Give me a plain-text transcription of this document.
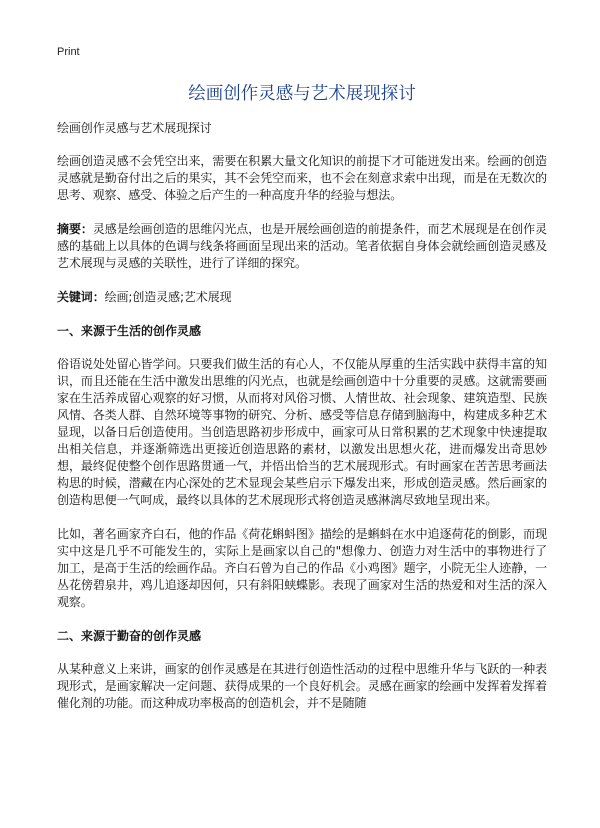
Print
绘画创作灵感与艺术展现探讨

绘画创作灵感与艺术展现探讨

绘画创造灵感不会凭空出来，需要在积累大量文化知识的前提下才可能迸发出来。绘画的创造灵感就是勤奋付出之后的果实，其不会凭空而来，也不会在刻意求索中出现，而是在无数次的思考、观察、感受、体验之后产生的一种高度升华的经验与想法。

摘要：灵感是绘画创造的思维闪光点，也是开展绘画创造的前提条件，而艺术展现是在创作灵感的基础上以具体的色调与线条将画面呈现出来的活动。笔者依据自身体会就绘画创造灵感及艺术展现与灵感的关联性，进行了详细的探究。

关键词：绘画;创造灵感;艺术展现

一、来源于生活的创作灵感

俗语说处处留心皆学问。只要我们做生活的有心人，不仅能从厚重的生活实践中获得丰富的知识，而且还能在生活中激发出思维的闪光点，也就是绘画创造中十分重要的灵感。这就需要画家在生活养成留心观察的好习惯，从而将对风俗习惯、人情世故、社会现象、建筑造型、民族风情、各类人群、自然环境等事物的研究、分析、感受等信息存储到脑海中，构建成多种艺术显现，以备日后创造使用。当创造思路初步形成中，画家可从日常积累的艺术现象中快速提取出相关信息，并逐渐筛选出更接近创造思路的素材，以激发出思想火花，进而爆发出奇思妙想，最终促使整个创作思路贯通一气，并悟出恰当的艺术展现形式。有时画家在苦苦思考画法构思的时候，潜藏在内心深处的艺术显现会某些启示下爆发出来，形成创造灵感。然后画家的创造构思便一气呵成，最终以具体的艺术展现形式将创造灵感淋漓尽致地呈现出来。

比如，著名画家齐白石，他的作品《荷花蝌蚪图》描绘的是蝌蚪在水中追逐荷花的倒影，而现实中这是几乎不可能发生的，实际上是画家以自己的"想像力、创造力对生活中的事物进行了加工，是高于生活的绘画作品。齐白石曾为自己的作品《小鸡图》题字，小院无尘人迹静，一丛花傍碧泉井，鸡儿追逐却因何，只有斜阳蛱蝶影。表现了画家对生活的热爱和对生活的深入观察。

二、来源于勤奋的创作灵感

从某种意义上来讲，画家的创作灵感是在其进行创造性活动的过程中思维升华与飞跃的一种表现形式，是画家解决一定问题、获得成果的一个良好机会。灵感在画家的绘画中发挥着发挥着催化剂的功能。而这种成功率极高的创造机会，并不是随随
